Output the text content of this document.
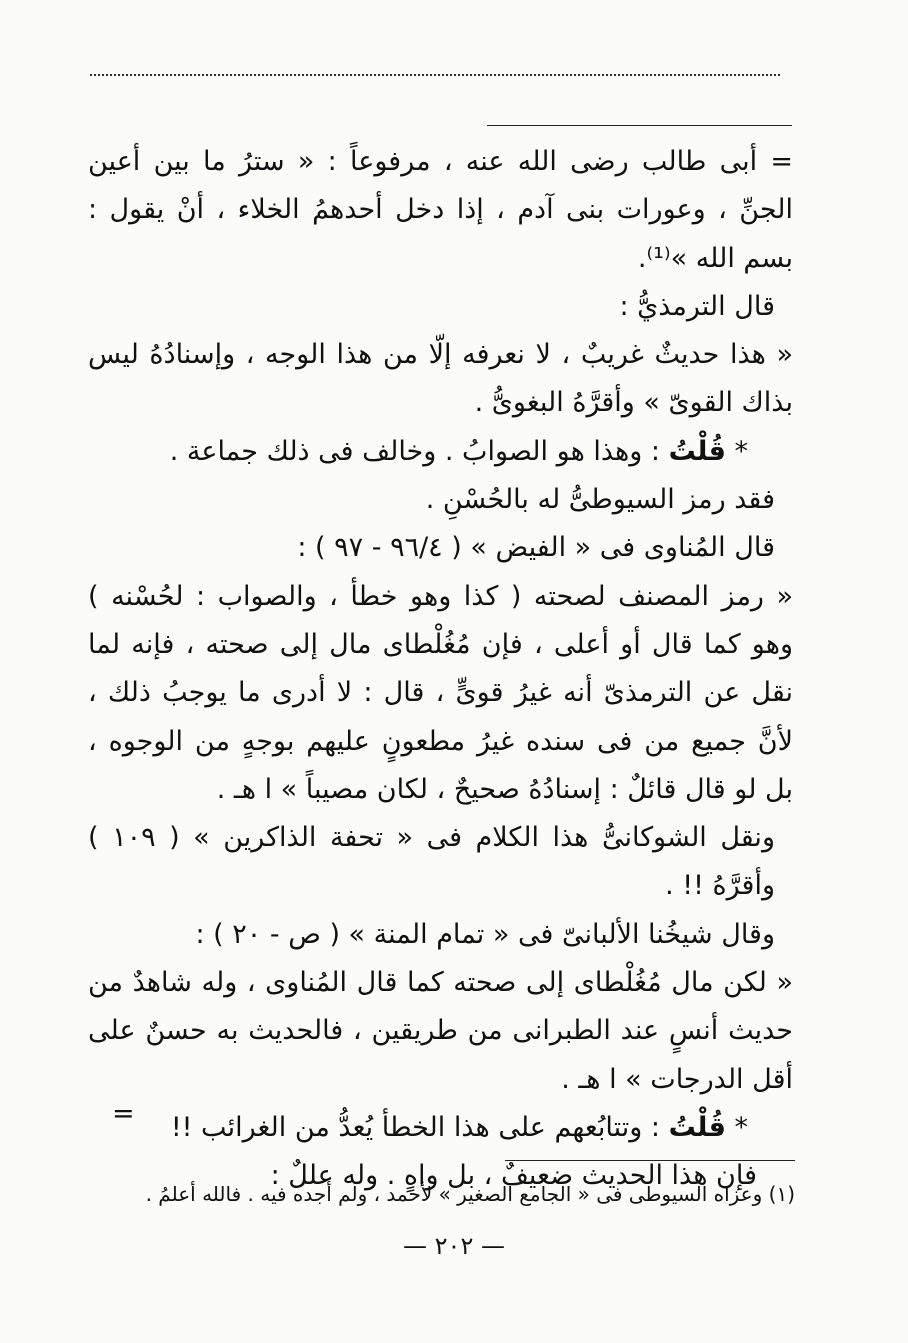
= أبى طالب رضى الله عنه ، مرفوعاً : « سترُ ما بين أعين الجنِّ ، وعورات بنى آدم ، إذا دخل أحدهمُ الخلاء ، أنْ يقول : بسم الله »⁽¹⁾.

قال الترمذيُّ :

« هذا حديثٌ غريبٌ ، لا نعرفه إلّا من هذا الوجه ، وإسنادُهُ ليس بذاك القوىّ » وأقرَّهُ البغوىُّ .

* قُلْتُ : وهذا هو الصوابُ . وخالف فى ذلك جماعة .

فقد رمز السيوطىُّ له بالحُسْنِ .

قال المُناوى فى « الفيض » ( ٩٦/٤ - ٩٧ ) :

« رمز المصنف لصحته ( كذا وهو خطأ ، والصواب : لحُسْنه ) وهو كما قال أو أعلى ، فإن مُغُلْطاى مال إلى صحته ، فإنه لما نقل عن الترمذىّ أنه غيرُ قوىٍّ ، قال : لا أدرى ما يوجبُ ذلك ، لأنَّ جميع من فى سنده غيرُ مطعونٍ عليهم بوجهٍ من الوجوه ، بل لو قال قائلٌ : إسنادُهُ صحيحٌ ، لكان مصيباً » ا هـ .

ونقل الشوكانىُّ هذا الكلام فى « تحفة الذاكرين » ( ١٠٩ ) وأقرَّهُ !! .

وقال شيخُنا الألبانىّ فى « تمام المنة » ( ص - ٢٠ ) :

« لكن مال مُغُلْطاى إلى صحته كما قال المُناوى ، وله شاهدٌ من حديث أنسٍ عند الطبرانى من طريقين ، فالحديث به حسنٌ على أقل الدرجات » ا هـ .

* قُلْتُ : وتتابُعهم على هذا الخطأ يُعدُّ من الغرائب !!

فإن هذا الحديث ضعيفٌ ، بل واهٍ . وله عللٌ :

=
(١) وعزاه السيوطى فى « الجامع الصغير » لأحمد ، ولم أجده فيه . فالله أعلمُ .
— ٢٠٢ —
